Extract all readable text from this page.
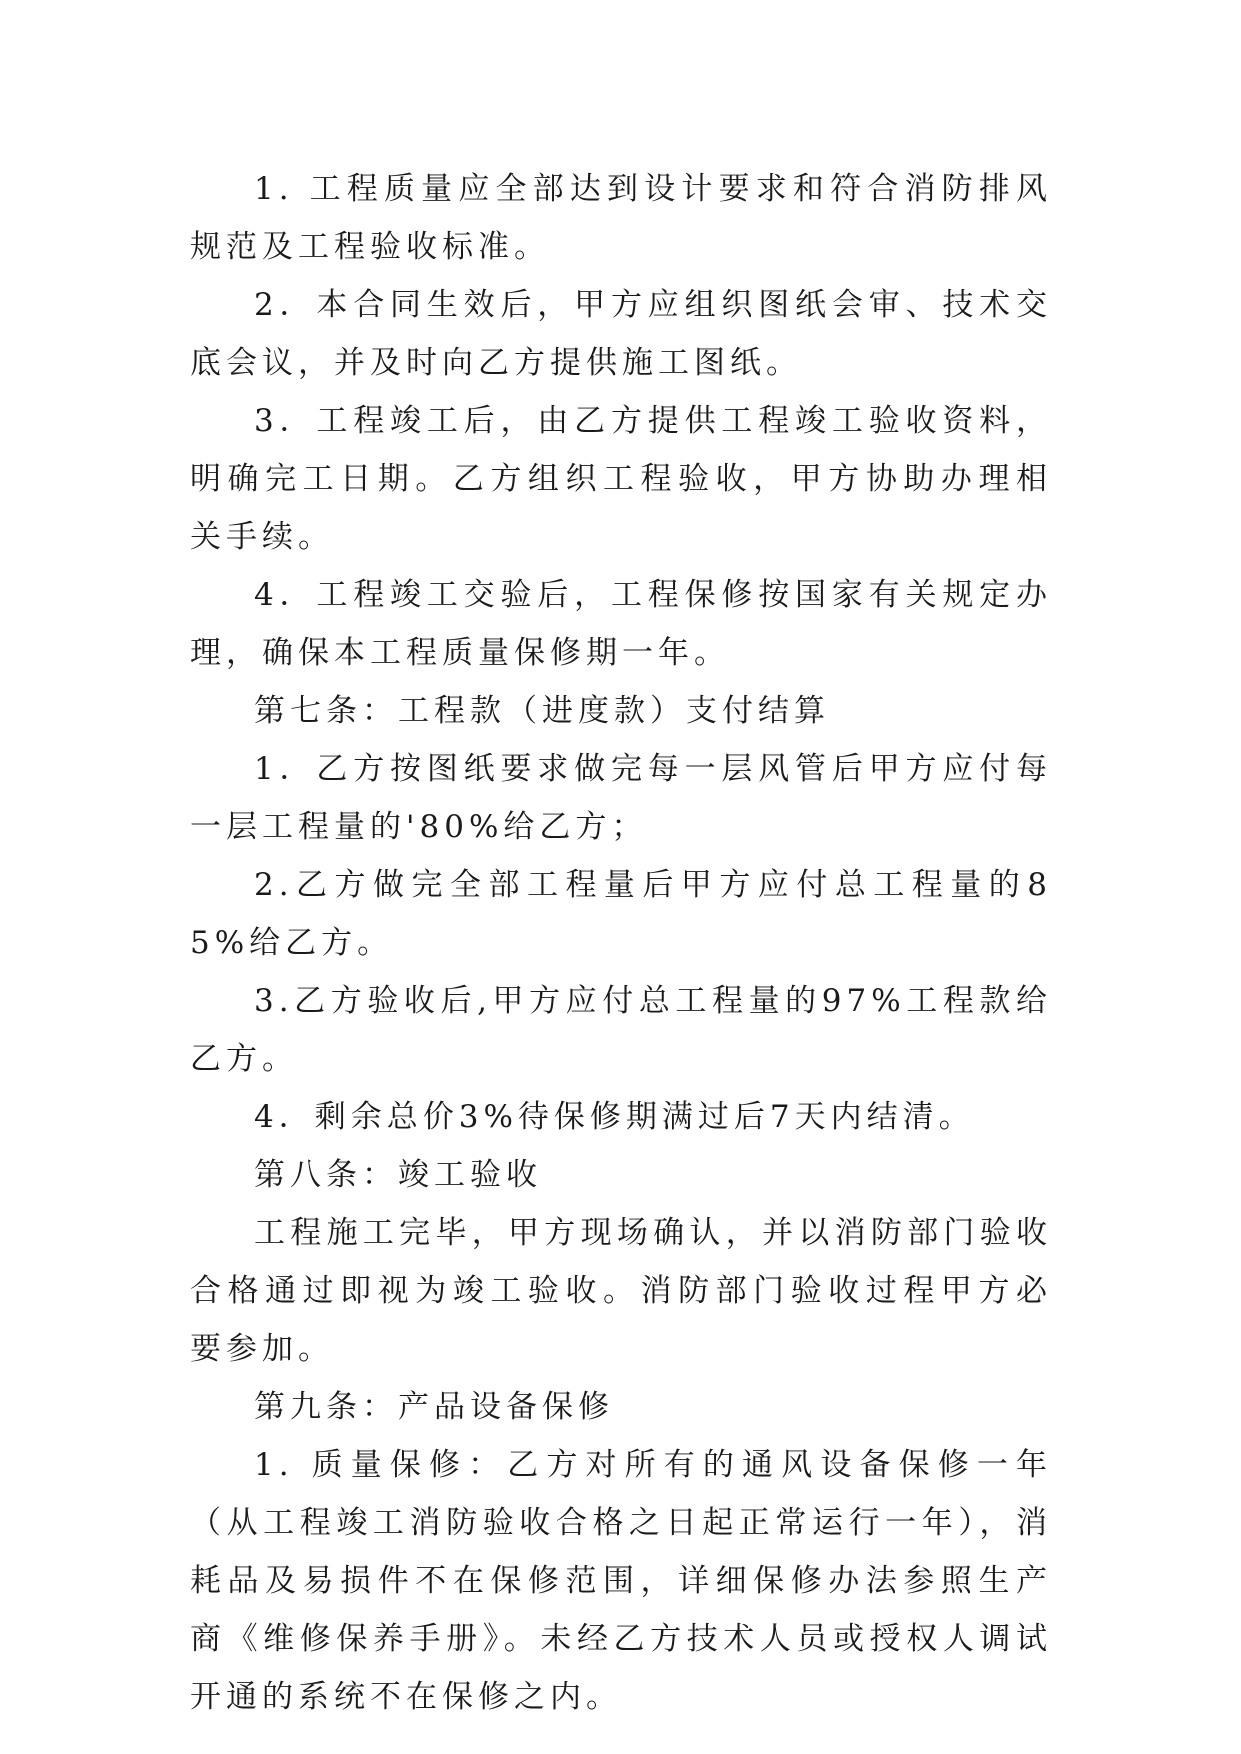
1. 工程质量应全部达到设计要求和符合消防排风规范及工程验收标准。

2．本合同生效后，甲方应组织图纸会审、技术交底会议，并及时向乙方提供施工图纸。

3．工程竣工后，由乙方提供工程竣工验收资料，明确完工日期。乙方组织工程验收，甲方协助办理相关手续。

4．工程竣工交验后，工程保修按国家有关规定办理，确保本工程质量保修期一年。

第七条：工程款（进度款）支付结算

1．乙方按图纸要求做完每一层风管后甲方应付每一层工程量的'80%给乙方；

2.乙方做完全部工程量后甲方应付总工程量的85%给乙方。

3.乙方验收后,甲方应付总工程量的97%工程款给乙方。

4．剩余总价3%待保修期满过后7天内结清。

第八条：竣工验收

工程施工完毕，甲方现场确认，并以消防部门验收合格通过即视为竣工验收。消防部门验收过程甲方必要参加。

第九条：产品设备保修

1. 质量保修：乙方对所有的通风设备保修一年（从工程竣工消防验收合格之日起正常运行一年），消耗品及易损件不在保修范围，详细保修办法参照生产商《维修保养手册》。未经乙方技术人员或授权人调试开通的系统不在保修之内。
